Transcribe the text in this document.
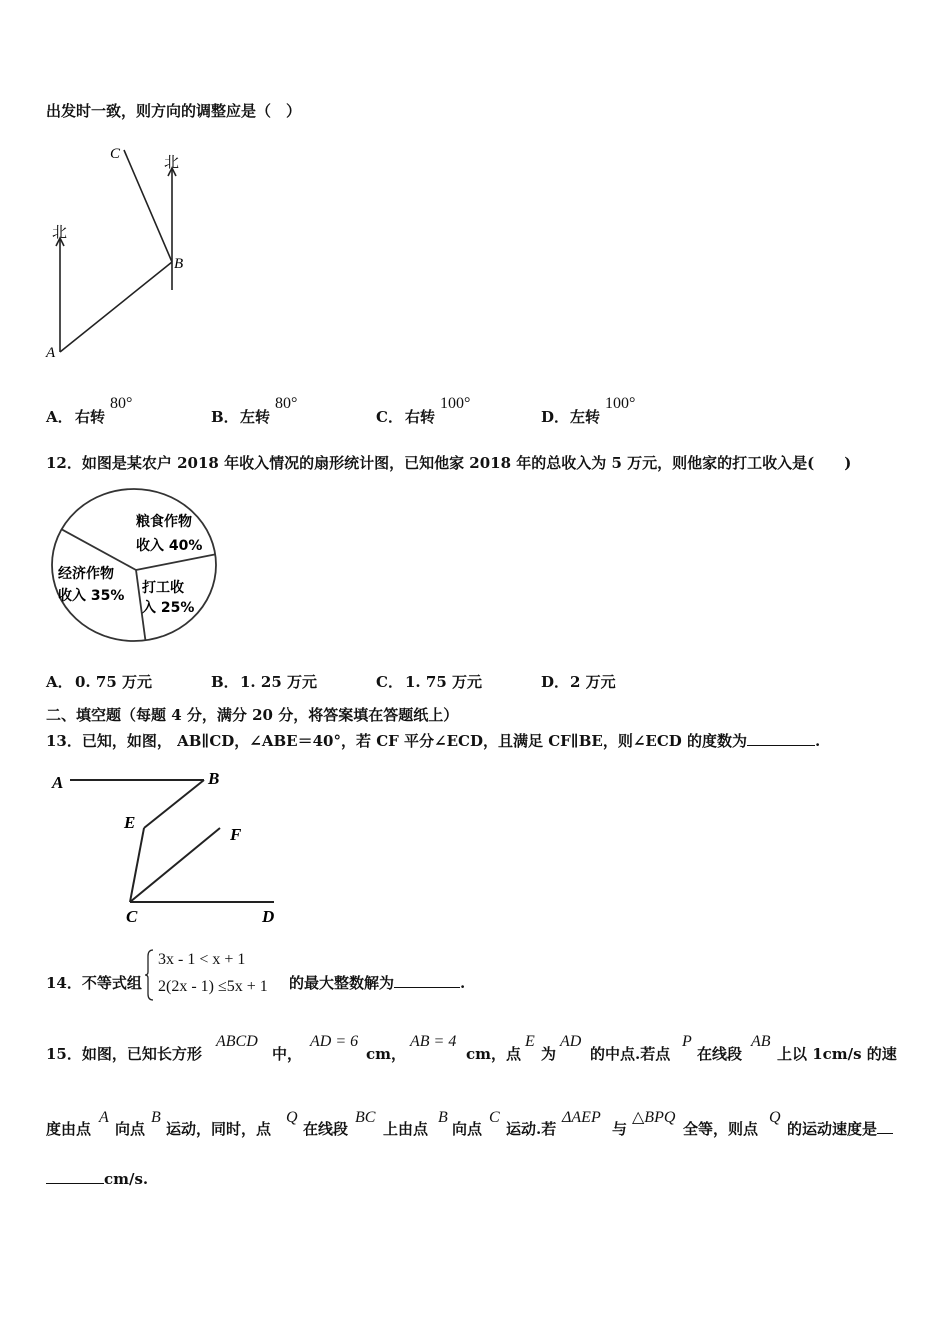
出发时一致，则方向的调整应是（　）
C
B
A
北
北
A． 右转
80°
B． 左转
80°
C． 右转
100°
D． 左转
100°
12．如图是某农户 2018 年收入情况的扇形统计图，已知他家 2018 年的总收入为 5 万元，则他家的打工收入是(　　)
粮食作物
收入 40%
打工收
入 25%
经济作物
收入 35%
A． 0. 75 万元	B． 1. 25 万元	C． 1. 75 万元	D． 2 万元
二、填空题（每题 4 分，满分 20 分，将答案填在答题纸上）
13．已知，如图， AB∥CD，∠ABE＝40°，若 CF 平分∠ECD，且满足 CF∥BE，则∠ECD 的度数为	.
A	B
E
F
C	D
14．不等式组
3x - 1 < x + 1
2(2x - 1) ≤5x + 1 的最大整数解为	.
15．如图，已知长方形
ABCD
中，
AD = 6
cm，
AB = 4
cm，点
E
为
AD
的中点.若点
P
在线段
AB
上以 1cm/s 的速
度由点
A
向点
B
运动，同时，点
Q
在线段
BC
上由点
B
向点
C
运动.若
ΔAEP
与
△BPQ
全等，则点
Q
的运动速度是
cm/s.
